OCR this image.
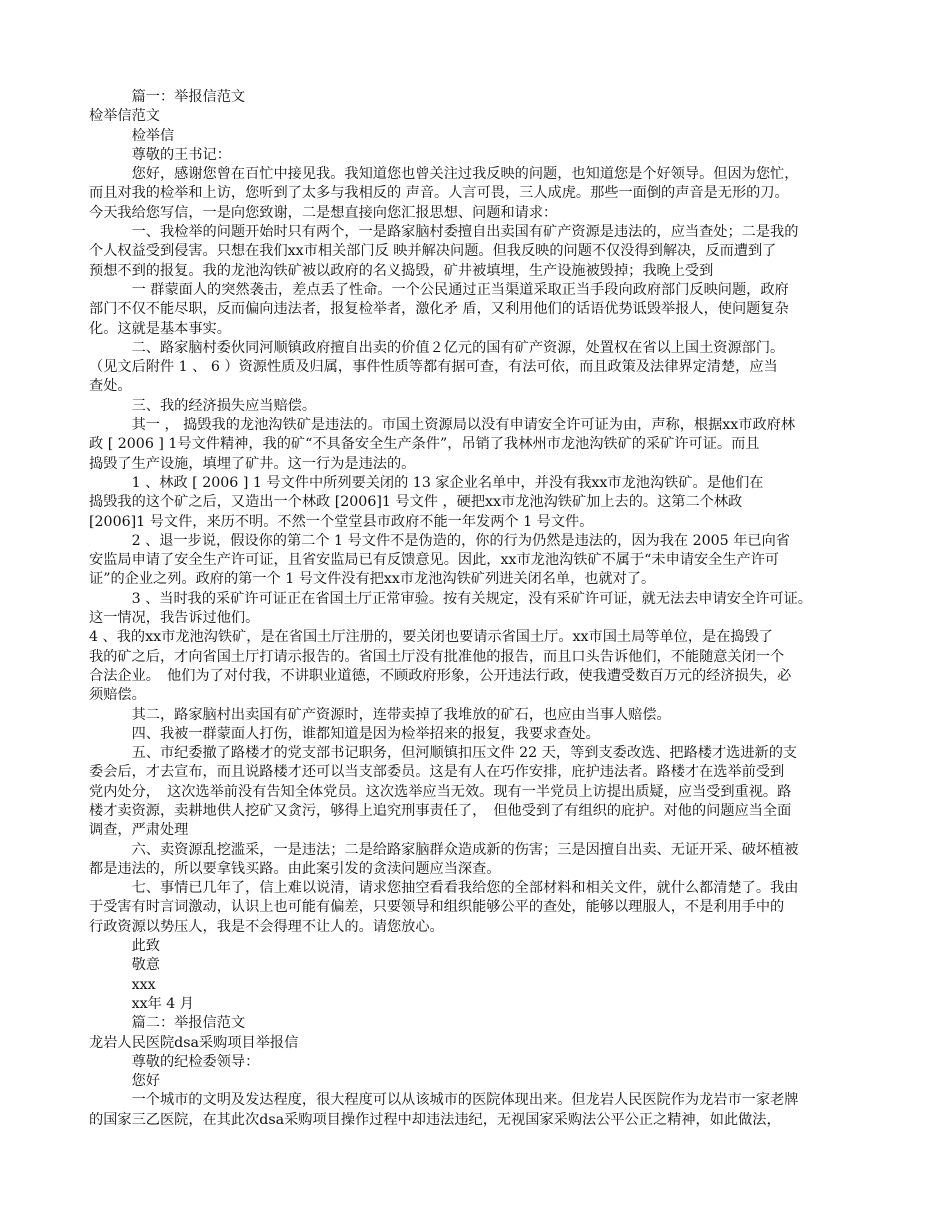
　　　篇一：举报信范文
检举信范文
　　　检举信
　　　尊敬的王书记：
　　　您好，感谢您曾在百忙中接见我。我知道您也曾关注过我反映的问题，也知道您是个好领导。但因为您忙，
而且对我的检举和上访，您听到了太多与我相反的 声音。人言可畏，三人成虎。那些一面倒的声音是无形的刀。
今天我给您写信，一是向您致谢，二是想直接向您汇报思想、问题和请求：
　　　一、我检举的问题开始时只有两个，一是路家脑村委擅自出卖国有矿产资源是违法的，应当查处；二是我的
个人权益受到侵害。只想在我们xx市相关部门反 映并解决问题。但我反映的问题不仅没得到解决，反而遭到了
预想不到的报复。我的龙池沟铁矿被以政府的名义捣毁，矿井被填埋，生产设施被毁掉；我晚上受到
　　　一 群蒙面人的突然袭击，差点丢了性命。一个公民通过正当渠道采取正当手段向政府部门反映问题，政府
部门不仅不能尽职，反而偏向违法者，报复检举者，激化矛 盾，又利用他们的话语优势诋毁举报人，使问题复杂
化。这就是基本事实。
　　　二、路家脑村委伙同河顺镇政府擅自出卖的价值２亿元的国有矿产资源，处置权在省以上国土资源部门。
（见文后附件 1 、 6 ）资源性质及归属，事件性质等都有据可查，有法可依，而且政策及法律界定清楚，应当
查处。
　　　三、我的经济损失应当赔偿。
　　　其一 ， 捣毁我的龙池沟铁矿是违法的。市国土资源局以没有申请安全许可证为由，声称，根据xx市政府林
政 [ 2006 ] 1号文件精神，我的矿“不具备安全生产条件”，吊销了我林州市龙池沟铁矿的采矿许可证。而且
捣毁了生产设施，填埋了矿井。这一行为是违法的。
　　　1 、林政 [ 2006 ] 1 号文件中所列要关闭的 13 家企业名单中，并没有我xx市龙池沟铁矿。是他们在
捣毁我的这个矿之后，又造出一个林政 [2006]1 号文件 ，硬把xx市龙池沟铁矿加上去的。这第二个林政
[2006]1 号文件，来历不明。不然一个堂堂县市政府不能一年发两个 1 号文件。
　　　2 、退一步说，假设你的第二个 1 号文件不是伪造的，你的行为仍然是违法的，因为我在 2005 年已向省
安监局申请了安全生产许可证，且省安监局已有反馈意见。因此，xx市龙池沟铁矿不属于“未申请安全生产许可
证”的企业之列。政府的第一个 1 号文件没有把xx市龙池沟铁矿列进关闭名单，也就对了。
　　　3 、当时我的采矿许可证正在省国土厅正常审验。按有关规定，没有采矿许可证，就无法去申请安全许可证。
这一情况，我告诉过他们。
4 、我的xx市龙池沟铁矿，是在省国土厅注册的，要关闭也要请示省国土厅。xx市国土局等单位，是在捣毁了
我的矿之后，才向省国土厅打请示报告的。省国土厅没有批准他的报告，而且口头告诉他们，不能随意关闭一个
合法企业。　他们为了对付我，不讲职业道德，不顾政府形象，公开违法行政，使我遭受数百万元的经济损失，必
须赔偿。
　　　其二，路家脑村出卖国有矿产资源时，连带卖掉了我堆放的矿石，也应由当事人赔偿。
　　　四、我被一群蒙面人打伤，谁都知道是因为检举招来的报复，我要求查处。
　　　五、市纪委撤了路楼才的党支部书记职务，但河顺镇扣压文件 22 天，等到支委改选、把路楼才选进新的支
委会后，才去宣布，而且说路楼才还可以当支部委员。这是有人在巧作安排，庇护违法者。路楼才在选举前受到
党内处分，　这次选举前没有告知全体党员。这次选举应当无效。现有一半党员上访提出质疑，应当受到重视。路
楼才卖资源，卖耕地供人挖矿又贪污，够得上追究刑事责任了，　但他受到了有组织的庇护。对他的问题应当全面
调查，严肃处理
　　　六、卖资源乱挖滥采，一是违法；二是给路家脑群众造成新的伤害；三是因擅自出卖、无证开采、破坏植被
都是违法的，所以要拿钱买路。由此案引发的贪渎问题应当深查。
　　　七、事情已几年了，信上难以说清，请求您抽空看看我给您的全部材料和相关文件，就什么都清楚了。我由
于受害有时言词激动，认识上也可能有偏差，只要领导和组织能够公平的查处，能够以理服人，不是利用手中的
行政资源以势压人，我是不会得理不让人的。请您放心。
　　　此致
　　　敬意
　　　xxx
　　　xx年 4 月
　　　篇二：举报信范文
龙岩人民医院dsa采购项目举报信
　　　尊敬的纪检委领导：
　　　您好
　　　一个城市的文明及发达程度，很大程度可以从该城市的医院体现出来。但龙岩人民医院作为龙岩市一家老牌
的国家三乙医院，在其此次dsa采购项目操作过程中却违法违纪，无视国家采购法公平公正之精神，如此做法，
